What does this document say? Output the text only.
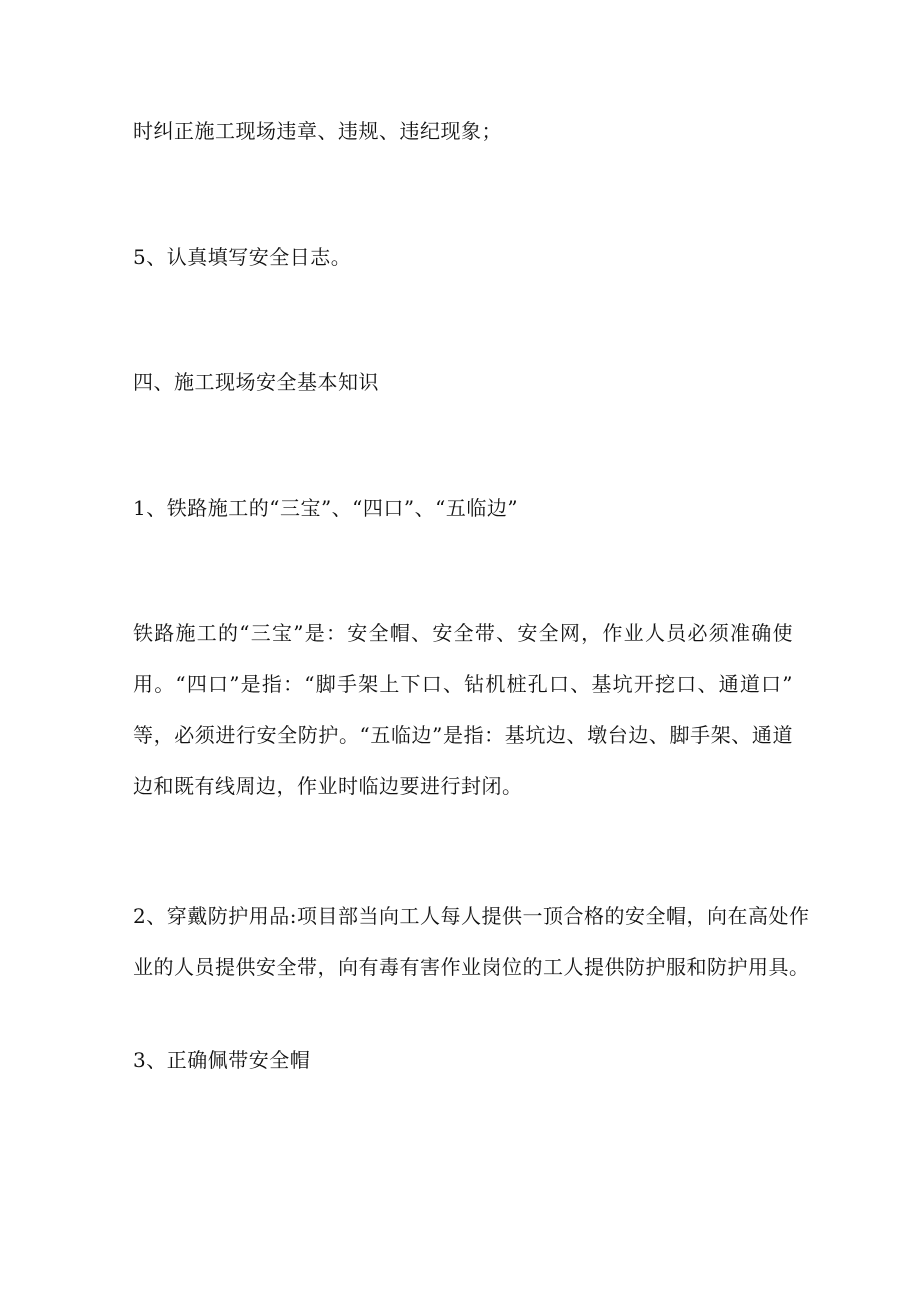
时纠正施工现场违章、违规、违纪现象；

5、认真填写安全日志。

四、施工现场安全基本知识

1、铁路施工的“三宝”、“四口”、“五临边”

铁路施工的“三宝”是：安全帽、安全带、安全网，作业人员必须准确使
用。“四口”是指：“脚手架上下口、钻机桩孔口、基坑开挖口、通道口”
等，必须进行安全防护。“五临边”是指：基坑边、墩台边、脚手架、通道
边和既有线周边，作业时临边要进行封闭。
2、穿戴防护用品:项目部当向工人每人提供一顶合格的安全帽，向在高处作
业的人员提供安全带，向有毒有害作业岗位的工人提供防护服和防护用具。

3、正确佩带安全帽
